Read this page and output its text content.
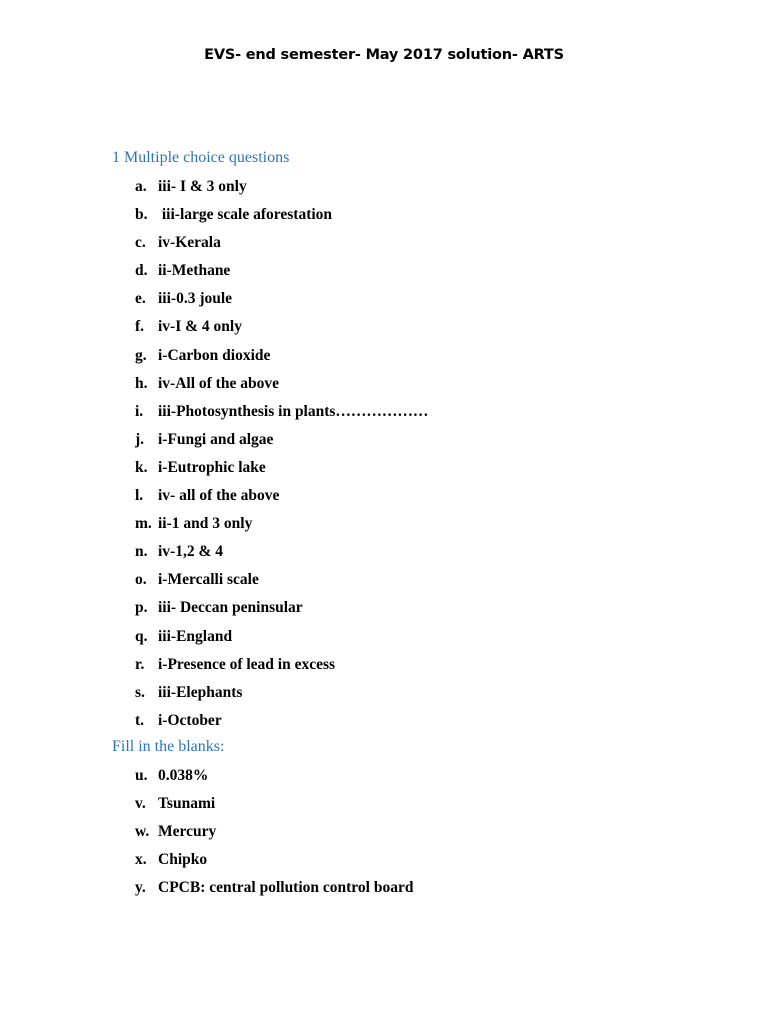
EVS- end semester- May 2017 solution- ARTS
1 Multiple choice questions
a. iii- I & 3 only
b. iii-large scale aforestation
c. iv-Kerala
d. ii-Methane
e. iii-0.3 joule
f. iv-I & 4 only
g. i-Carbon dioxide
h. iv-All of the above
i. iii-Photosynthesis in plants………………
j. i-Fungi and algae
k. i-Eutrophic lake
l. iv- all of the above
m. ii-1 and 3 only
n. iv-1,2 & 4
o. i-Mercalli scale
p. iii- Deccan peninsular
q. iii-England
r. i-Presence of lead in excess
s. iii-Elephants
t. i-October
Fill in the blanks:
u. 0.038%
v. Tsunami
w. Mercury
x. Chipko
y. CPCB: central pollution control board
